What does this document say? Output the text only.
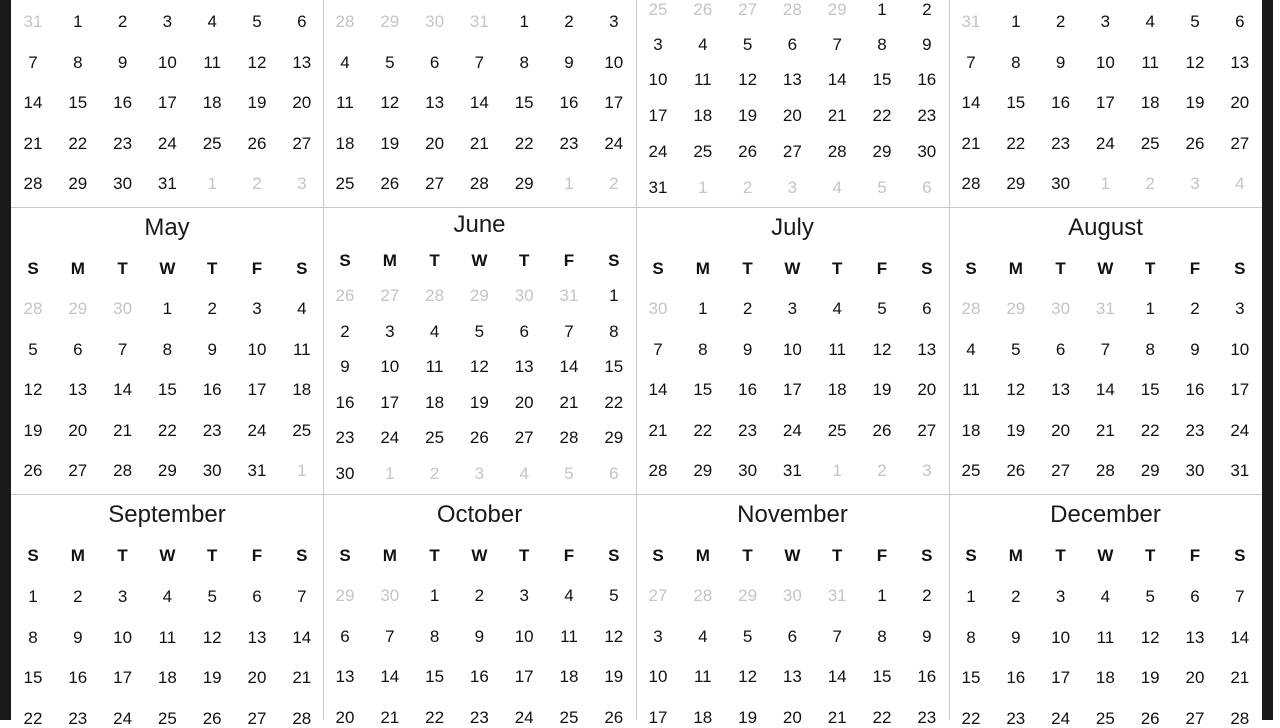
31	1	2	3	4	5	6
7	8	9	10	11	12	13
14	15	16	17	18	19	20
21	22	23	24	25	26	27
28	29	30	31	1	2	3
28	29	30	31	1	2	3
4	5	6	7	8	9	10
11	12	13	14	15	16	17
18	19	20	21	22	23	24
25	26	27	28	29	1	2
25	26	27	28	29	1	2
3	4	5	6	7	8	9
10	11	12	13	14	15	16
17	18	19	20	21	22	23
24	25	26	27	28	29	30
31	1	2	3	4	5	6
31	1	2	3	4	5	6
7	8	9	10	11	12	13
14	15	16	17	18	19	20
21	22	23	24	25	26	27
28	29	30	1	2	3	4
May
S	M	T	W	T	F	S
28	29	30	1	2	3	4
5	6	7	8	9	10	11
12	13	14	15	16	17	18
19	20	21	22	23	24	25
26	27	28	29	30	31	1
June
S	M	T	W	T	F	S
26	27	28	29	30	31	1
2	3	4	5	6	7	8
9	10	11	12	13	14	15
16	17	18	19	20	21	22
23	24	25	26	27	28	29
30	1	2	3	4	5	6
July
S	M	T	W	T	F	S
30	1	2	3	4	5	6
7	8	9	10	11	12	13
14	15	16	17	18	19	20
21	22	23	24	25	26	27
28	29	30	31	1	2	3
August
S	M	T	W	T	F	S
28	29	30	31	1	2	3
4	5	6	7	8	9	10
11	12	13	14	15	16	17
18	19	20	21	22	23	24
25	26	27	28	29	30	31
September
S	M	T	W	T	F	S
1	2	3	4	5	6	7
8	9	10	11	12	13	14
15	16	17	18	19	20	21
22	23	24	25	26	27	28
October
S	M	T	W	T	F	S
29	30	1	2	3	4	5
6	7	8	9	10	11	12
13	14	15	16	17	18	19
20	21	22	23	24	25	26
November
S	M	T	W	T	F	S
27	28	29	30	31	1	2
3	4	5	6	7	8	9
10	11	12	13	14	15	16
17	18	19	20	21	22	23
December
S	M	T	W	T	F	S
1	2	3	4	5	6	7
8	9	10	11	12	13	14
15	16	17	18	19	20	21
22	23	24	25	26	27	28
